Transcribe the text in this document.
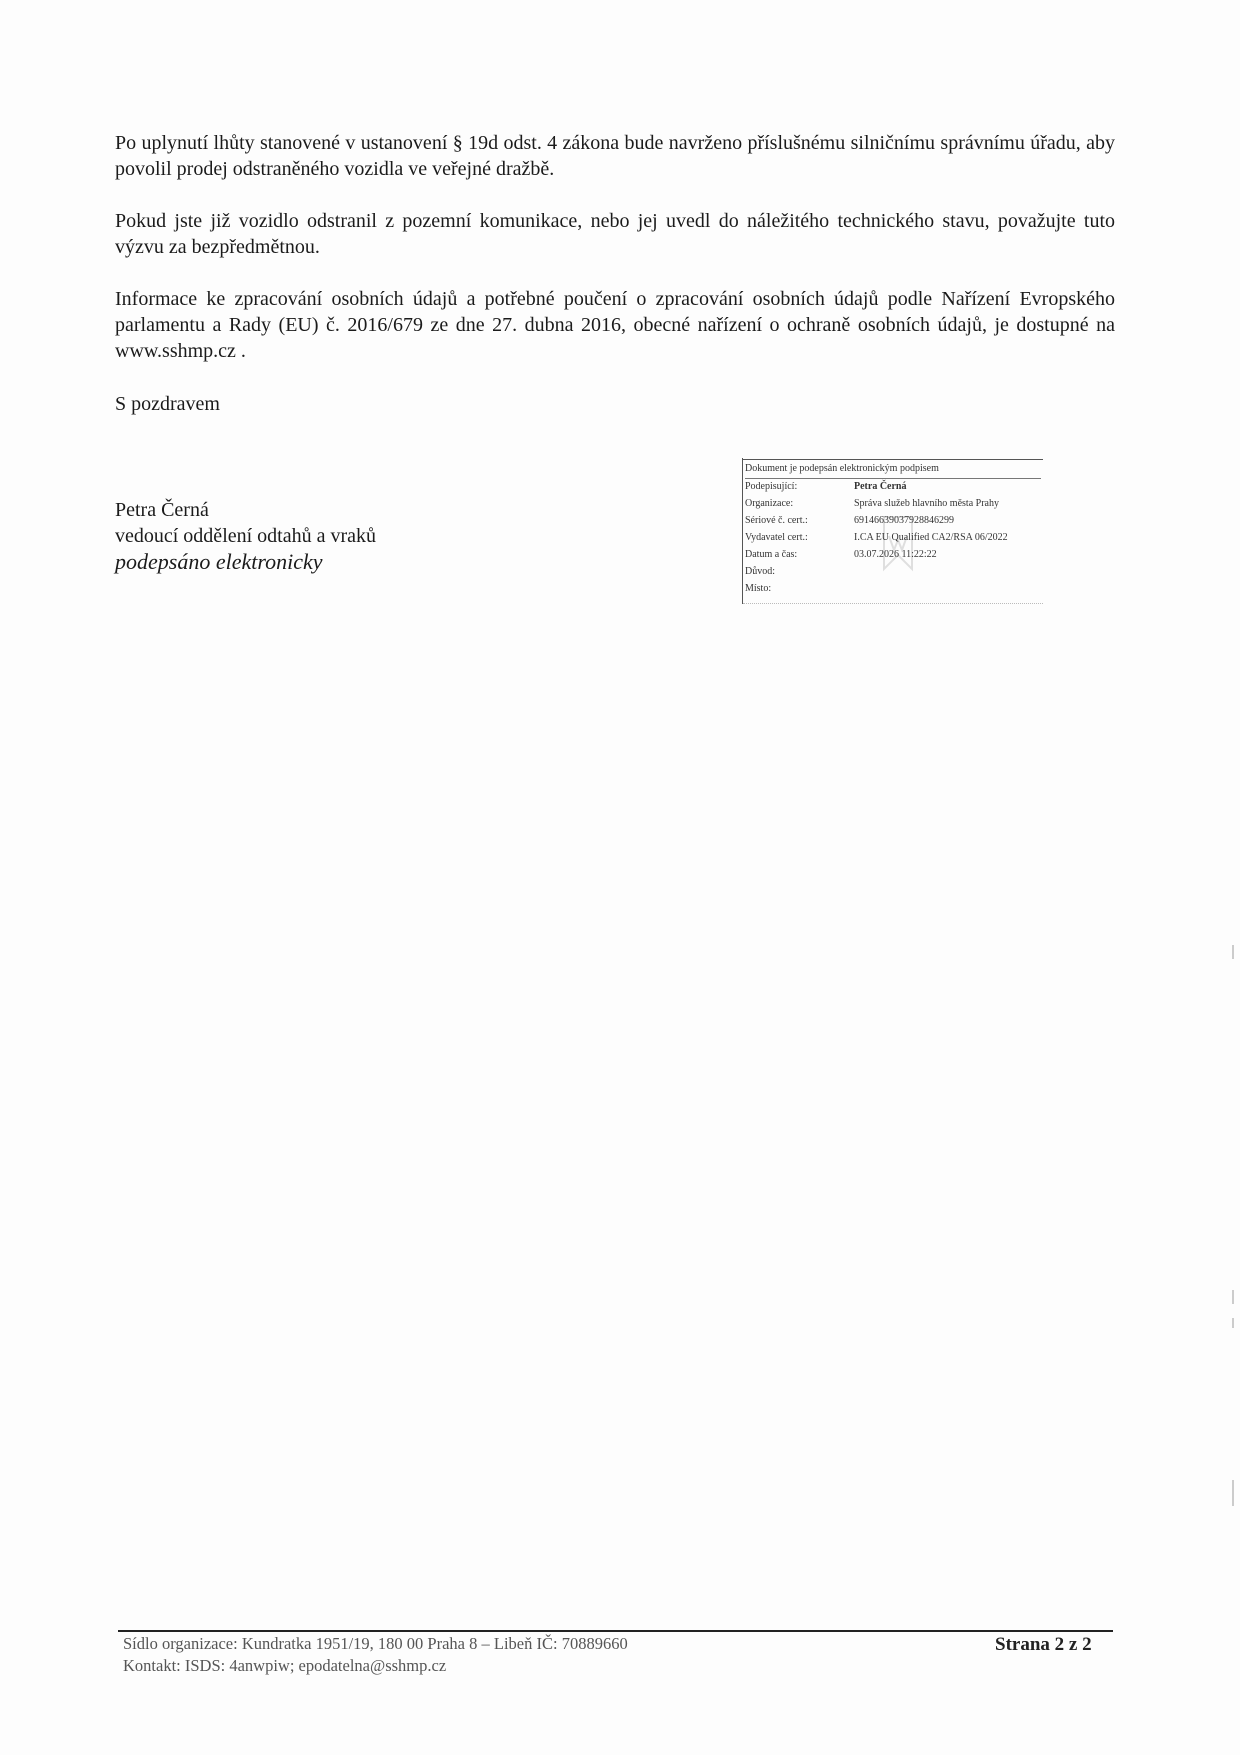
Po uplynutí lhůty stanovené v ustanovení § 19d odst. 4 zákona bude navrženo příslušnému silničnímu správnímu úřadu, aby povolil prodej odstraněného vozidla ve veřejné dražbě.

Pokud jste již vozidlo odstranil z pozemní komunikace, nebo jej uvedl do náležitého technického stavu, považujte tuto výzvu za bezpředmětnou.

Informace ke zpracování osobních údajů a potřebné poučení o zpracování osobních údajů podle Nařízení Evropského parlamentu a Rady (EU) č. 2016/679 ze dne 27. dubna 2016, obecné nařízení o ochraně osobních údajů, je dostupné na www.sshmp.cz .

S pozdravem
Petra Černá
vedoucí oddělení odtahů a vraků
podepsáno elektronicky
Dokument je podepsán elektronickým podpisem
Podepisující:	Petra Černá
Organizace:	Správa služeb hlavního města Prahy
Sériové č. cert.:	691466390379288462​99
Vydavatel cert.:	I.CA EU Qualified CA2/RSA 06/2022
Datum a čas:	03.07.2026 11:22:22
Důvod:
Místo:
Sídlo organizace: Kundratka 1951/19, 180 00 Praha 8 – Libeň IČ: 70889660
Kontakt: ISDS: 4anwpiw; epodatelna@sshmp.cz
Strana 2 z 2
